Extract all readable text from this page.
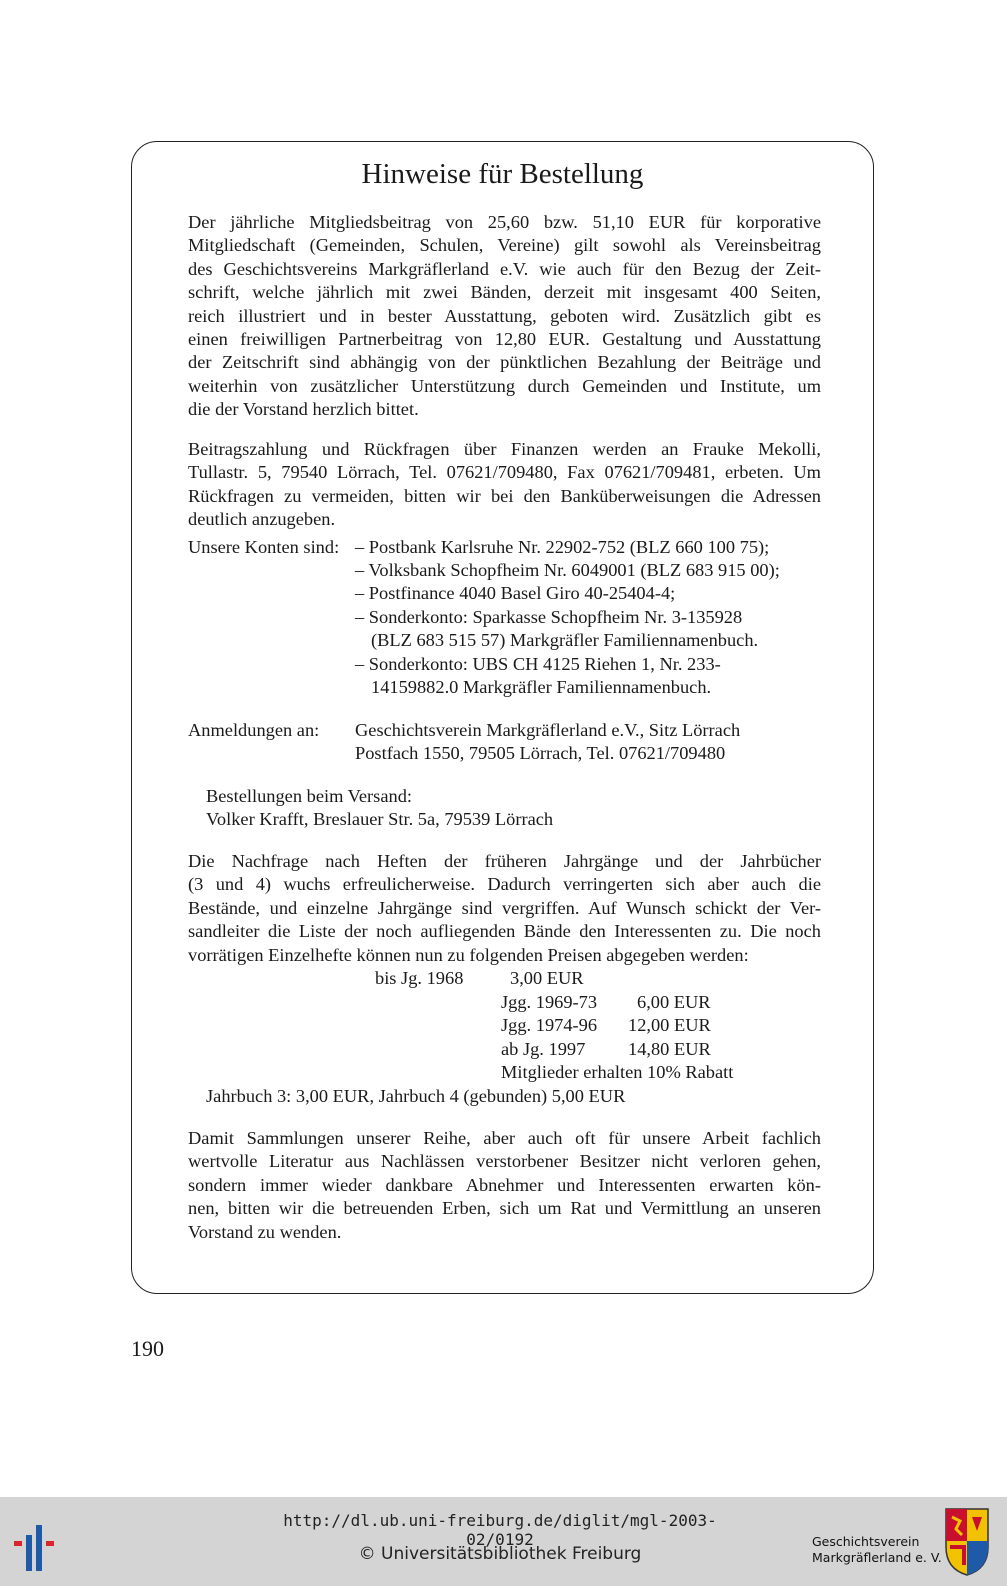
Hinweise für Bestellung
Der jährliche Mitgliedsbeitrag von 25,60 bzw. 51,10 EUR für korporative
Mitgliedschaft (Gemeinden, Schulen, Vereine) gilt sowohl als Vereinsbeitrag
des Geschichtsvereins Markgräflerland e.V. wie auch für den Bezug der Zeit-
schrift, welche jährlich mit zwei Bänden, derzeit mit insgesamt 400 Seiten,
reich illustriert und in bester Ausstattung, geboten wird. Zusätzlich gibt es
einen freiwilligen Partnerbeitrag von 12,80 EUR. Gestaltung und Ausstattung
der Zeitschrift sind abhängig von der pünktlichen Bezahlung der Beiträge und
weiterhin von zusätzlicher Unterstützung durch Gemeinden und Institute, um
die der Vorstand herzlich bittet.
Beitragszahlung und Rückfragen über Finanzen werden an Frauke Mekolli,
Tullastr. 5, 79540 Lörrach, Tel. 07621/709480, Fax 07621/709481, erbeten. Um
Rückfragen zu vermeiden, bitten wir bei den Banküberweisungen die Adressen
deutlich anzugeben.
Unsere Konten sind: – Postbank Karlsruhe Nr. 22902-752 (BLZ 660 100 75);
– Volksbank Schopfheim Nr. 6049001 (BLZ 683 915 00);
– Postfinance 4040 Basel Giro 40-25404-4;
– Sonderkonto: Sparkasse Schopfheim Nr. 3-135928
(BLZ 683 515 57) Markgräfler Familiennamenbuch.
– Sonderkonto: UBS CH 4125 Riehen 1, Nr. 233-
14159882.0 Markgräfler Familiennamenbuch.
Anmeldungen an: Geschichtsverein Markgräflerland e.V., Sitz Lörrach
Postfach 1550, 79505 Lörrach, Tel. 07621/709480
Bestellungen beim Versand:
Volker Krafft, Breslauer Str. 5a, 79539 Lörrach
Die Nachfrage nach Heften der früheren Jahrgänge und der Jahrbücher
(3 und 4) wuchs erfreulicherweise. Dadurch verringerten sich aber auch die
Bestände, und einzelne Jahrgänge sind vergriffen. Auf Wunsch schickt der Ver-
sandleiter die Liste der noch aufliegenden Bände den Interessenten zu. Die noch
vorrätigen Einzelhefte können nun zu folgenden Preisen abgegeben werden:
bis Jg. 1968	3,00 EUR
Jgg. 1969-73 6,00 EUR
Jgg. 1974-96 12,00 EUR
ab Jg. 1997 14,80 EUR
Mitglieder erhalten 10% Rabatt
Jahrbuch 3: 3,00 EUR, Jahrbuch 4 (gebunden) 5,00 EUR
Damit Sammlungen unserer Reihe, aber auch oft für unsere Arbeit fachlich
wertvolle Literatur aus Nachlässen verstorbener Besitzer nicht verloren gehen,
sondern immer wieder dankbare Abnehmer und Interessenten erwarten kön-
nen, bitten wir die betreuenden Erben, sich um Rat und Vermittlung an unseren
Vorstand zu wenden.
190
http://dl.ub.uni-freiburg.de/diglit/mgl-2003-02/0192
© Universitätsbibliothek Freiburg
Geschichtsverein
Markgräflerland e. V.
